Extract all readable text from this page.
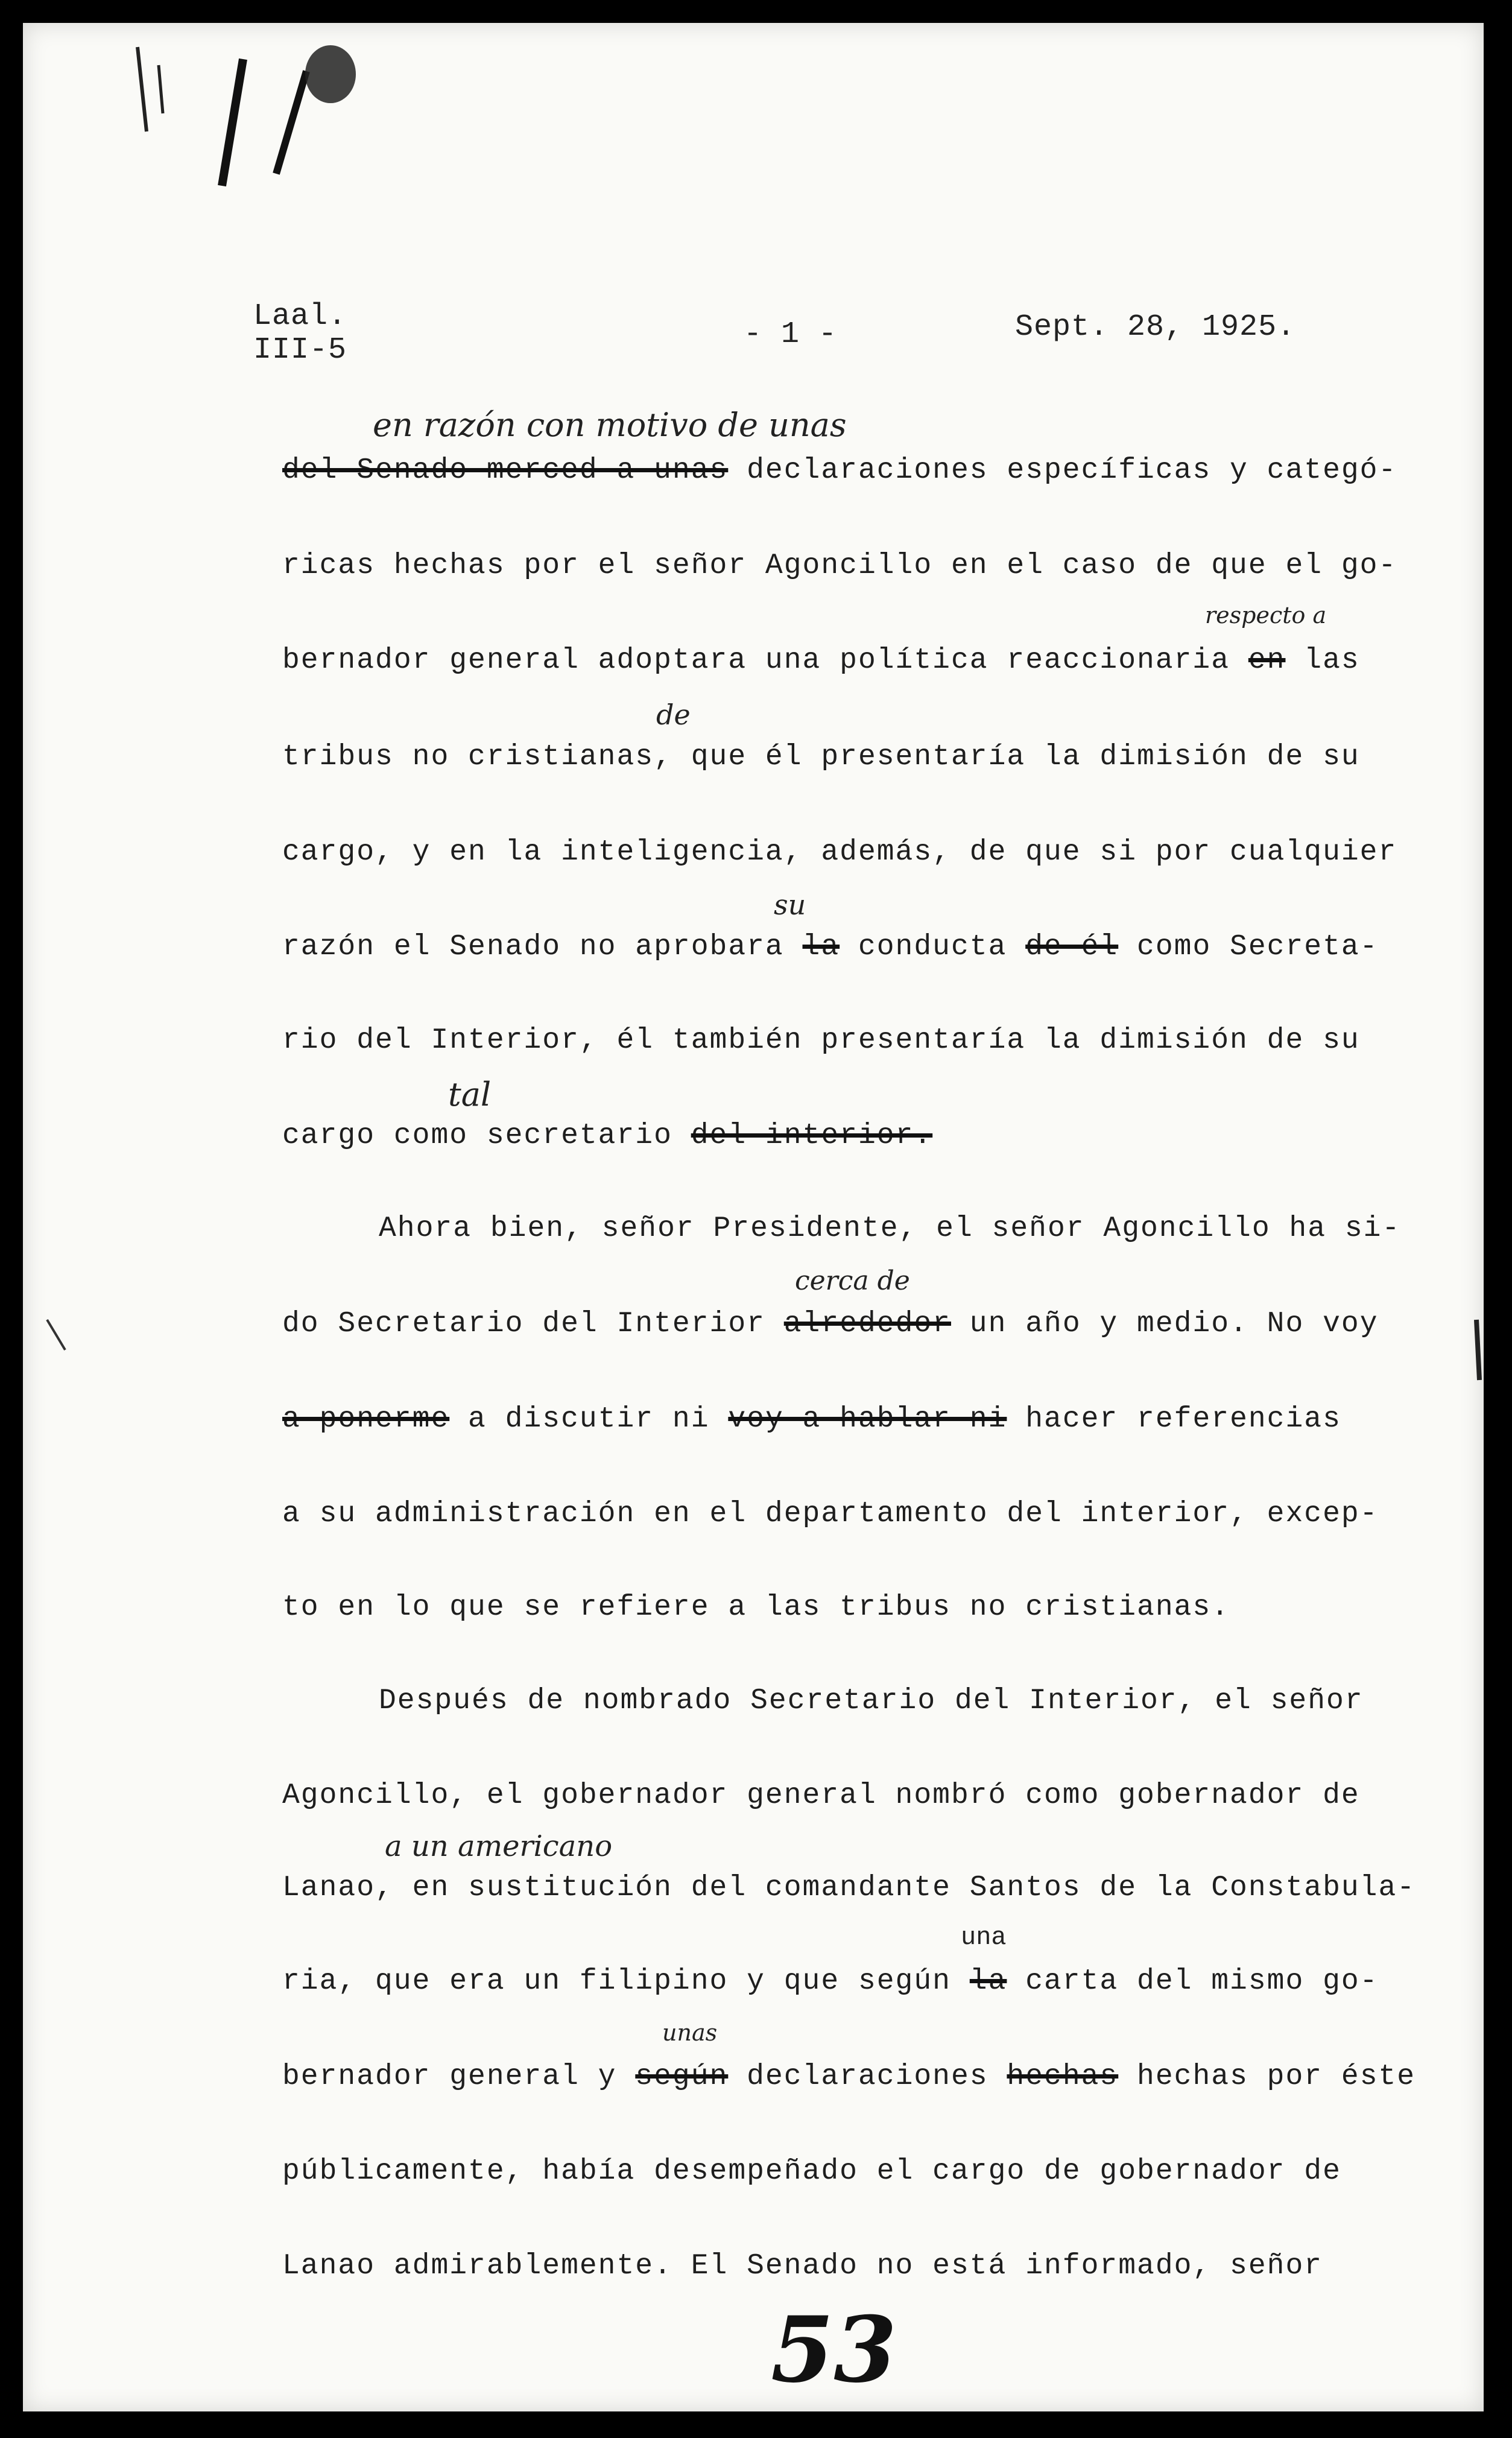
Laal.
III-5	- 1 -	Sept. 28, 1925.
en razón con motivo de unas
del Senado merced a unas declaraciones específicas y categó-
ricas hechas por el señor Agoncillo en el caso de que el go-
respecto a
bernador general adoptara una política reaccionaria en las
de
tribus no cristianas, que él presentaría la dimisión de su
cargo, y en la inteligencia, además, de que si por cualquier
su
razón el Senado no aprobara la conducta de él como Secreta-
rio del Interior, él también presentaría la dimisión de su
tal
cargo como secretario del interior.
Ahora bien, señor Presidente, el señor Agoncillo ha si-
cerca de
do Secretario del Interior alrededor un año y medio. No voy
a ponerme a discutir ni voy a hablar ni hacer referencias
a su administración en el departamento del interior, excep-
to en lo que se refiere a las tribus no cristianas.
Después de nombrado Secretario del Interior, el señor
Agoncillo, el gobernador general nombró como gobernador de
a un americano
Lanao, en sustitución del comandante Santos de la Constabula-
una
ria, que era un filipino y que según la carta del mismo go-
unas
bernador general y según declaraciones hechas hechas por éste
públicamente, había desempeñado el cargo de gobernador de
Lanao admirablemente. El Senado no está informado, señor
53
